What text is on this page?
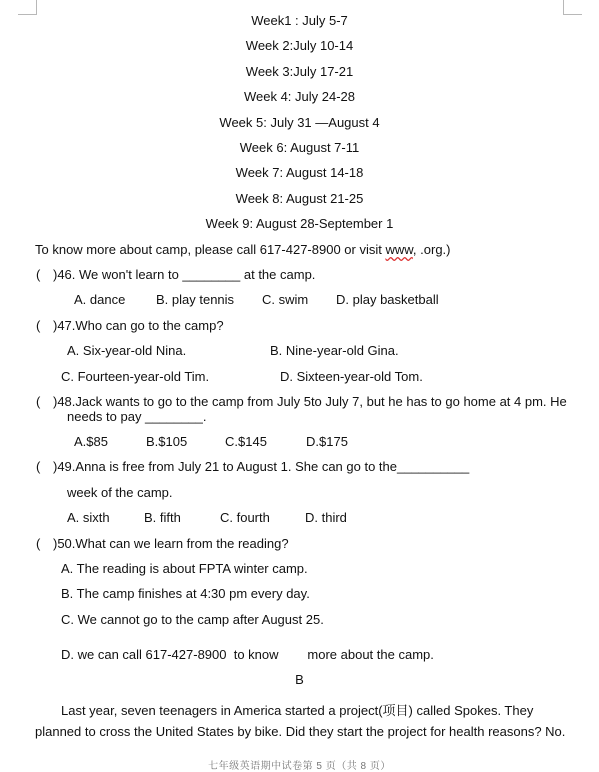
Week1 : July 5-7
Week 2:July 10-14
Week 3:July 17-21
Week 4: July 24-28
Week 5: July 31 —August 4
Week 6: August 7-11
Week 7: August 14-18
Week 8: August 21-25
Week 9: August 28-September 1
To know more about camp, please call 617-427-8900 or visit www, .org.)
( )46. We won't learn to ________ at the camp.
A. dance B. play tennis C. swim D. play basketball
( )47.Who can go to the camp?
A. Six-year-old Nina.	B. Nine-year-old Gina.
C. Fourteen-year-old Tim.	D. Sixteen-year-old Tom.
( )48.Jack wants to go to the camp from July 5to July 7, but he has to go home at 4 pm. He
needs to pay ________.
A.$85	B.$105	C.$145	D.$175
( )49.Anna is free from July 21 to August 1. She can go to the__________
week of the camp.
A. sixth	B. fifth	C. fourth	D. third
( )50.What can we learn from the reading?
A. The reading is about FPTA winter camp.
B. The camp finishes at 4:30 pm every day.
C. We cannot go to the camp after August 25.
D. we can call 617-427-8900  to know        more about the camp.
B
Last year, seven teenagers in America started a project(项目) called Spokes. They
planned to cross the United States by bike. Did they start the project for health reasons? No.
七年级英语期中试卷第 5 页（共 8 页）
